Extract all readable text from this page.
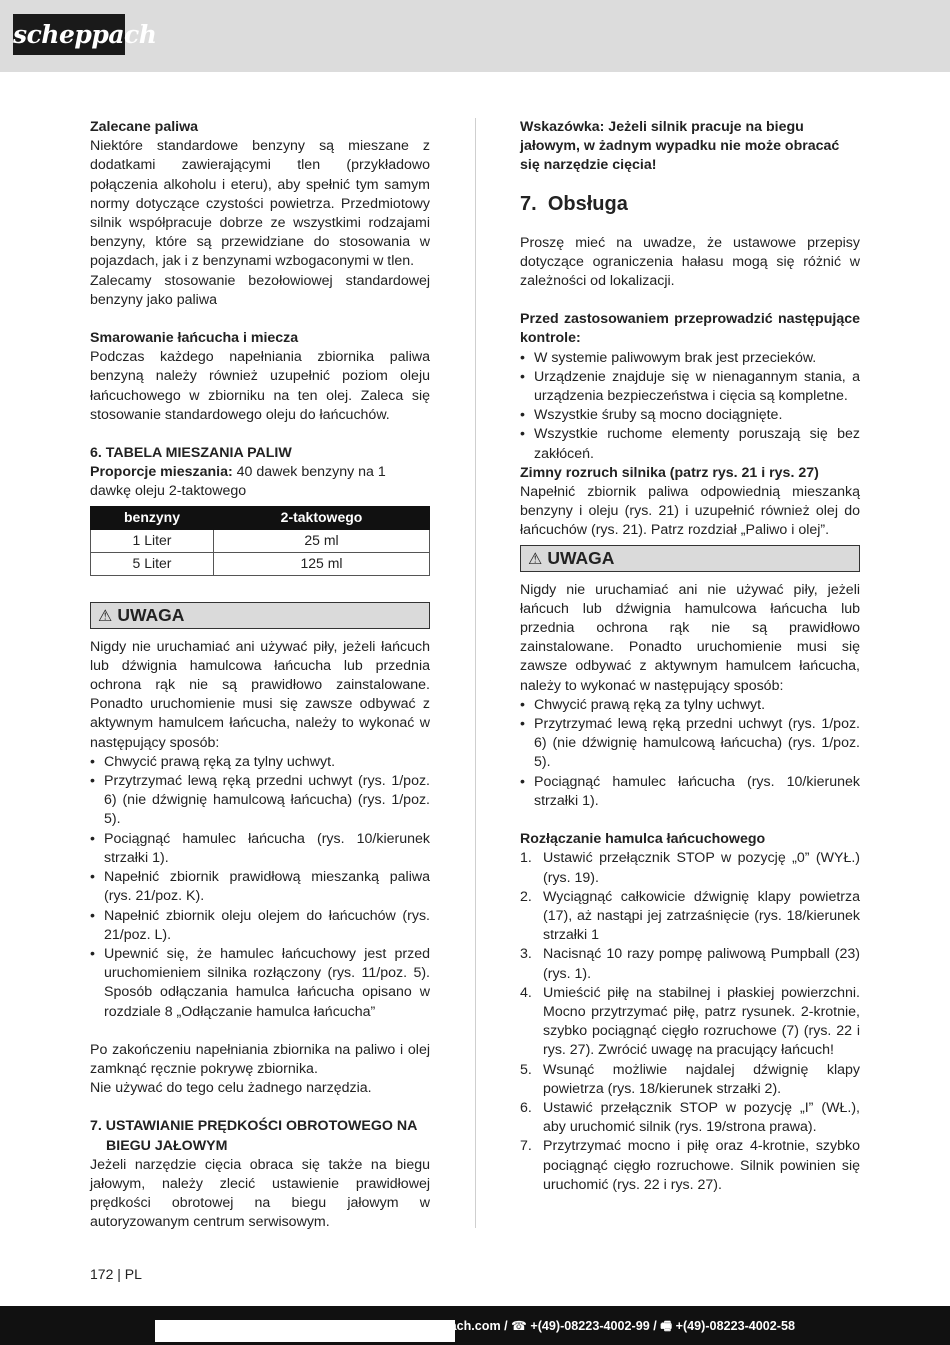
scheppach

Zalecane paliwa

Niektóre standardowe benzyny są mieszane z dodatkami zawierającymi tlen (przykładowo połączenia alkoholu i eteru), aby spełnić tym samym normy dotyczące czystości powietrza. Przedmiotowy silnik współpracuje dobrze ze wszystkimi rodzajami benzyny, które są przewidziane do stosowania w pojazdach, jak i z benzynami wzbogaconymi w tlen.

Zalecamy stosowanie bezołowiowej standardowej benzyny jako paliwa

Smarowanie łańcucha i miecza

Podczas każdego napełniania zbiornika paliwa benzyną należy również uzupełnić poziom oleju łańcuchowego w zbiorniku na ten olej. Zaleca się stosowanie standardowego oleju do łańcuchów.

6. TABELA MIESZANIA PALIW

Proporcje mieszania: 40 dawek benzyny na 1 dawkę oleju 2-taktowego

benzyny	2-taktowego
1 Liter	25 ml
5 Liter	125 ml
⚠ UWAGA

Nigdy nie uruchamiać ani używać piły, jeżeli łańcuch lub dźwignia hamulcowa łańcucha lub przednia ochrona rąk nie są prawidłowo zainstalowane. Ponadto uruchomienie musi się zawsze odbywać z aktywnym hamulcem łańcucha, należy to wykonać w następujący sposób:

• Chwycić prawą ręką za tylny uchwyt.
• Przytrzymać lewą ręką przedni uchwyt (rys. 1/poz. 6) (nie dźwignię hamulcową łańcucha) (rys. 1/poz. 5).
• Pociągnąć hamulec łańcucha (rys. 10/kierunek strzałki 1).
• Napełnić zbiornik prawidłową mieszanką paliwa (rys. 21/poz. K).
• Napełnić zbiornik oleju olejem do łańcuchów (rys. 21/poz. L).
• Upewnić się, że hamulec łańcuchowy jest przed uruchomieniem silnika rozłączony (rys. 11/poz. 5). Sposób odłączania hamulca łańcucha opisano w rozdziale 8 „Odłączanie hamulca łańcucha”

Po zakończeniu napełniania zbiornika na paliwo i olej zamknąć ręcznie pokrywę zbiornika.

Nie używać do tego celu żadnego narzędzia.

7. USTAWIANIE PRĘDKOŚCI OBROTOWEGO NA

BIEGU JAŁOWYM

Jeżeli narzędzie cięcia obraca się także na biegu jałowym, należy zlecić ustawienie prawidłowej prędkości obrotowej na biegu jałowym w autoryzowanym centrum serwisowym.

Wskazówka: Jeżeli silnik pracuje na biegu jałowym, w żadnym wypadku nie może obracać się narzędzie cięcia!

7. Obsługa

Proszę mieć na uwadze, że ustawowe przepisy dotyczące ograniczenia hałasu mogą się różnić w zależności od lokalizacji.

Przed zastosowaniem przeprowadzić następujące kontrole:

• W systemie paliwowym brak jest przecieków.
• Urządzenie znajduje się w nienagannym stania, a urządzenia bezpieczeństwa i cięcia są kompletne.
• Wszystkie śruby są mocno dociągnięte.
• Wszystkie ruchome elementy poruszają się bez zakłóceń.

Zimny rozruch silnika (patrz rys. 21 i rys. 27)

Napełnić zbiornik paliwa odpowiednią mieszanką benzyny i oleju (rys. 21) i uzupełnić również olej do łańcuchów (rys. 21). Patrz rozdział „Paliwo i olej”.

⚠ UWAGA

Nigdy nie uruchamiać ani nie używać piły, jeżeli łańcuch lub dźwignia hamulcowa łańcucha lub przednia ochrona rąk nie są prawidłowo zainstalowane. Ponadto uruchomienie musi się zawsze odbywać z aktywnym hamulcem łańcucha, należy to wykonać w następujący sposób:

• Chwycić prawą ręką za tylny uchwyt.
• Przytrzymać lewą ręką przedni uchwyt (rys. 1/poz. 6) (nie dźwignię hamulcową łańcucha) (rys. 1/poz. 5).
• Pociągnąć hamulec łańcucha (rys. 10/kierunek strzałki 1).

Rozłączanie hamulca łańcuchowego

1. Ustawić przełącznik STOP w pozycję „0” (WYŁ.) (rys. 19).
2. Wyciągnąć całkowicie dźwignię klapy powietrza (17), aż nastąpi jej zatrzaśnięcie (rys. 18/kierunek strzałki 1
3. Nacisnąć 10 razy pompę paliwową Pumpball (23) (rys. 1).
4. Umieścić piłę na stabilnej i płaskiej powierzchni. Mocno przytrzymać piłę, patrz rysunek. 2-krotnie, szybko pociągnąć cięgło rozruchowe (7) (rys. 22 i rys. 27). Zwrócić uwagę na pracujący łańcuch!
5. Wsunąć możliwie najdalej dźwignię klapy powietrza (rys. 18/kierunek strzałki 2).
6. Ustawić przełącznik STOP w pozycję „I” (WŁ.), aby uruchomić silnik (rys. 19/strona prawa).
7. Przytrzymać mocno i piłę oraz 4-krotnie, szybko pociągnąć cięgło rozruchowe. Silnik powinien się uruchomić (rys. 22 i rys. 27).
172 | PL
ach.com / ☎ +(49)-08223-4002-99 / 🖷 +(49)-08223-4002-58
